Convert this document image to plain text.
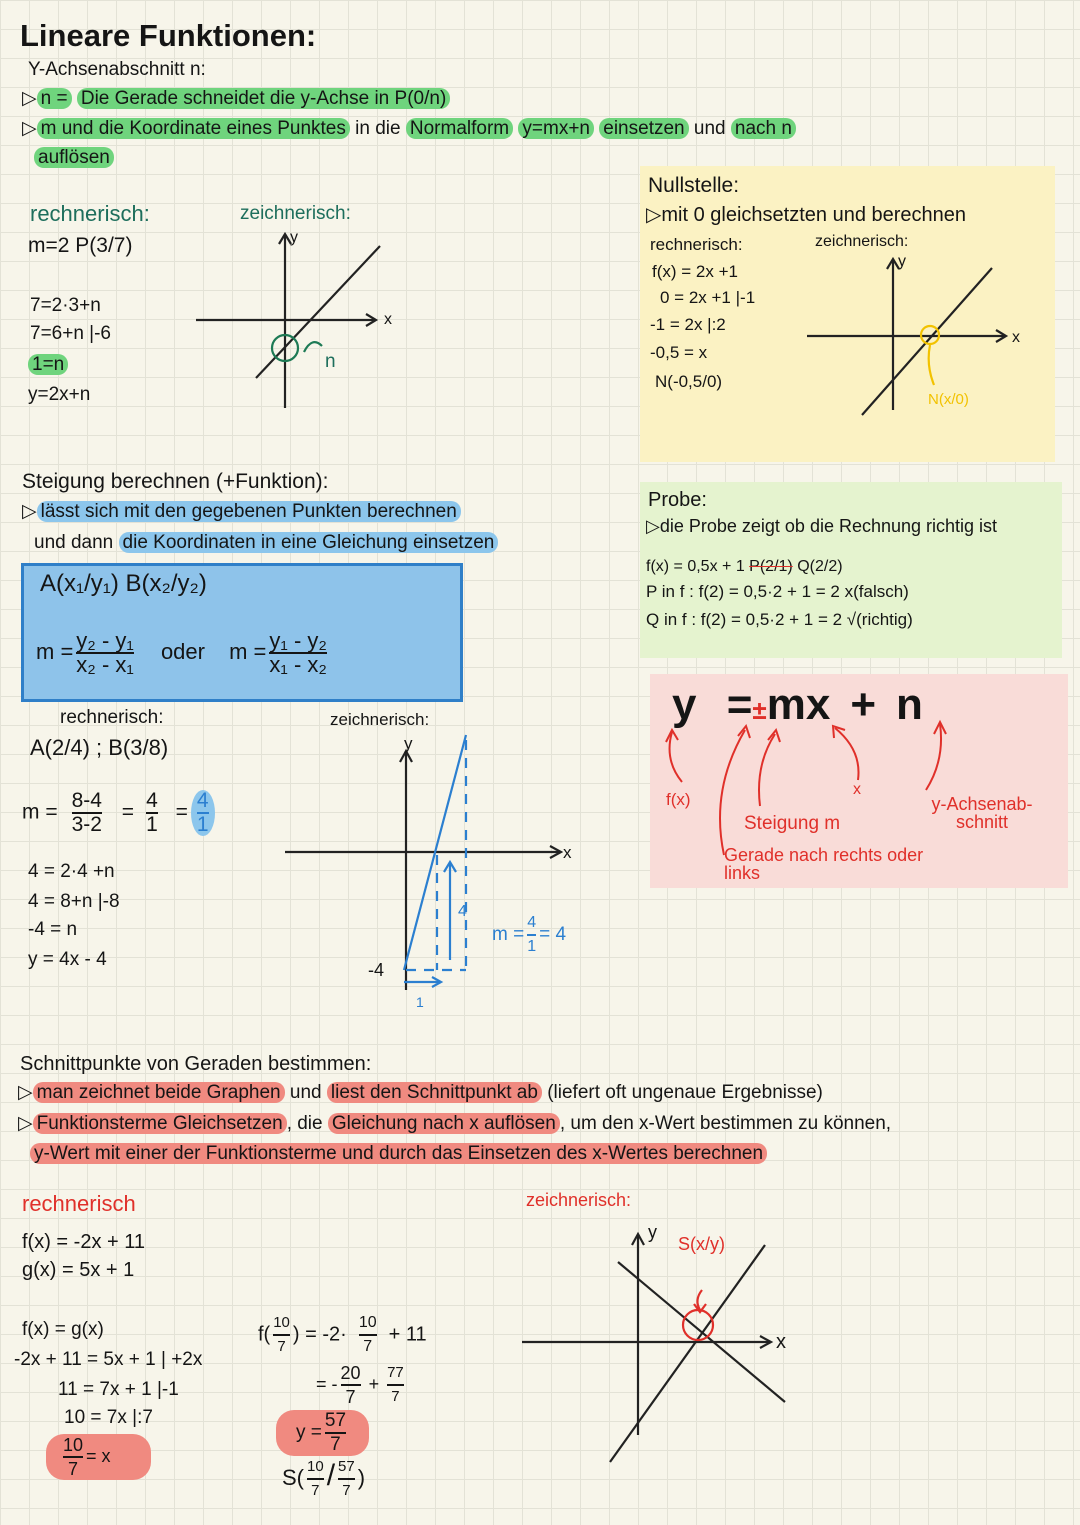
Lineare Funktionen:
Y-Achsenabschnitt n:
▷ n = Die Gerade schneidet die y-Achse in P(0/n)
▷ m und die Koordinate eines Punktes in die Normalform y=mx+n einsetzen und nach n
auflösen
rechnerisch:	zeichnerisch:
m=2 P(3/7)
7=2·3+n
7=6+n |-6
1=n
y=2x+n
x
y
n
Nullstelle:
▷mit 0 gleichsetzten und berechnen
rechnerisch:	zeichnerisch:
f(x) = 2x +1
0 = 2x +1 |-1
-1 = 2x |:2
-0,5 = x
N(-0,5/0)
x
y
N(x/0)
Steigung berechnen (+Funktion):
▷ lässt sich mit den gegebenen Punkten berechnen
und dann die Koordinaten in eine Gleichung einsetzen
A(x₁/y₁) B(x₂/y₂)
$m = \frac{\text{y₂ - y₁}}{\text{x₂ - x₁}}$ oder $m = \frac{\text{y₁ - y₂}}{\text{x₁ - x₂}}$
rechnerisch:	zeichnerisch:
A(2/4) ; B(3/8)
$m = \frac{8-4}{3-2} = \frac{4}{1} = \frac{4}{1}$
4 = 2·4 +n
4 = 8+n |-8
-4 = n
y = 4x - 4
x
y
-4
4
1
$m = \frac{4}{1} = 4$
Probe:
▷die Probe zeigt ob die Rechnung richtig ist
f(x) = 0,5x + 1 P(2/1) Q(2/2)
P in f : f(2) = 0,5·2 + 1 = 2 x(falsch)
Q in f : f(2) = 0,5·2 + 1 = 2 √(richtig)
y =±mx + n
f(x)
x
Steigung m
Gerade nach rechts oder links
y-Achsenab-schnitt
Schnittpunkte von Geraden bestimmen:
▷ man zeichnet beide Graphen und liest den Schnittpunkt ab (liefert oft ungenaue Ergebnisse)
▷ Funktionsterme Gleichsetzen , die Gleichung nach x auflösen , um den x-Wert bestimmen zu können,
y-Wert mit einer der Funktionsterme und durch das Einsetzen des x-Wertes berechnen
rechnerisch	zeichnerisch:
f(x) = -2x + 11
g(x) = 5x + 1
f(x) = g(x)
-2x + 11 = 5x + 1 | +2x
11 = 7x + 1 |-1
10 = 7x |:7
$\frac{10}{7} = x$
$f( \frac{10}{7}$ ) = $-2\cdot \frac{10}{7} + 11$
= - $\frac{20}{7} + \frac{77}{7}$
$y = \frac{57}{7}$
$S( \frac{10}{7} / \frac{57}{7}$ )
x
y
S(x/y)
